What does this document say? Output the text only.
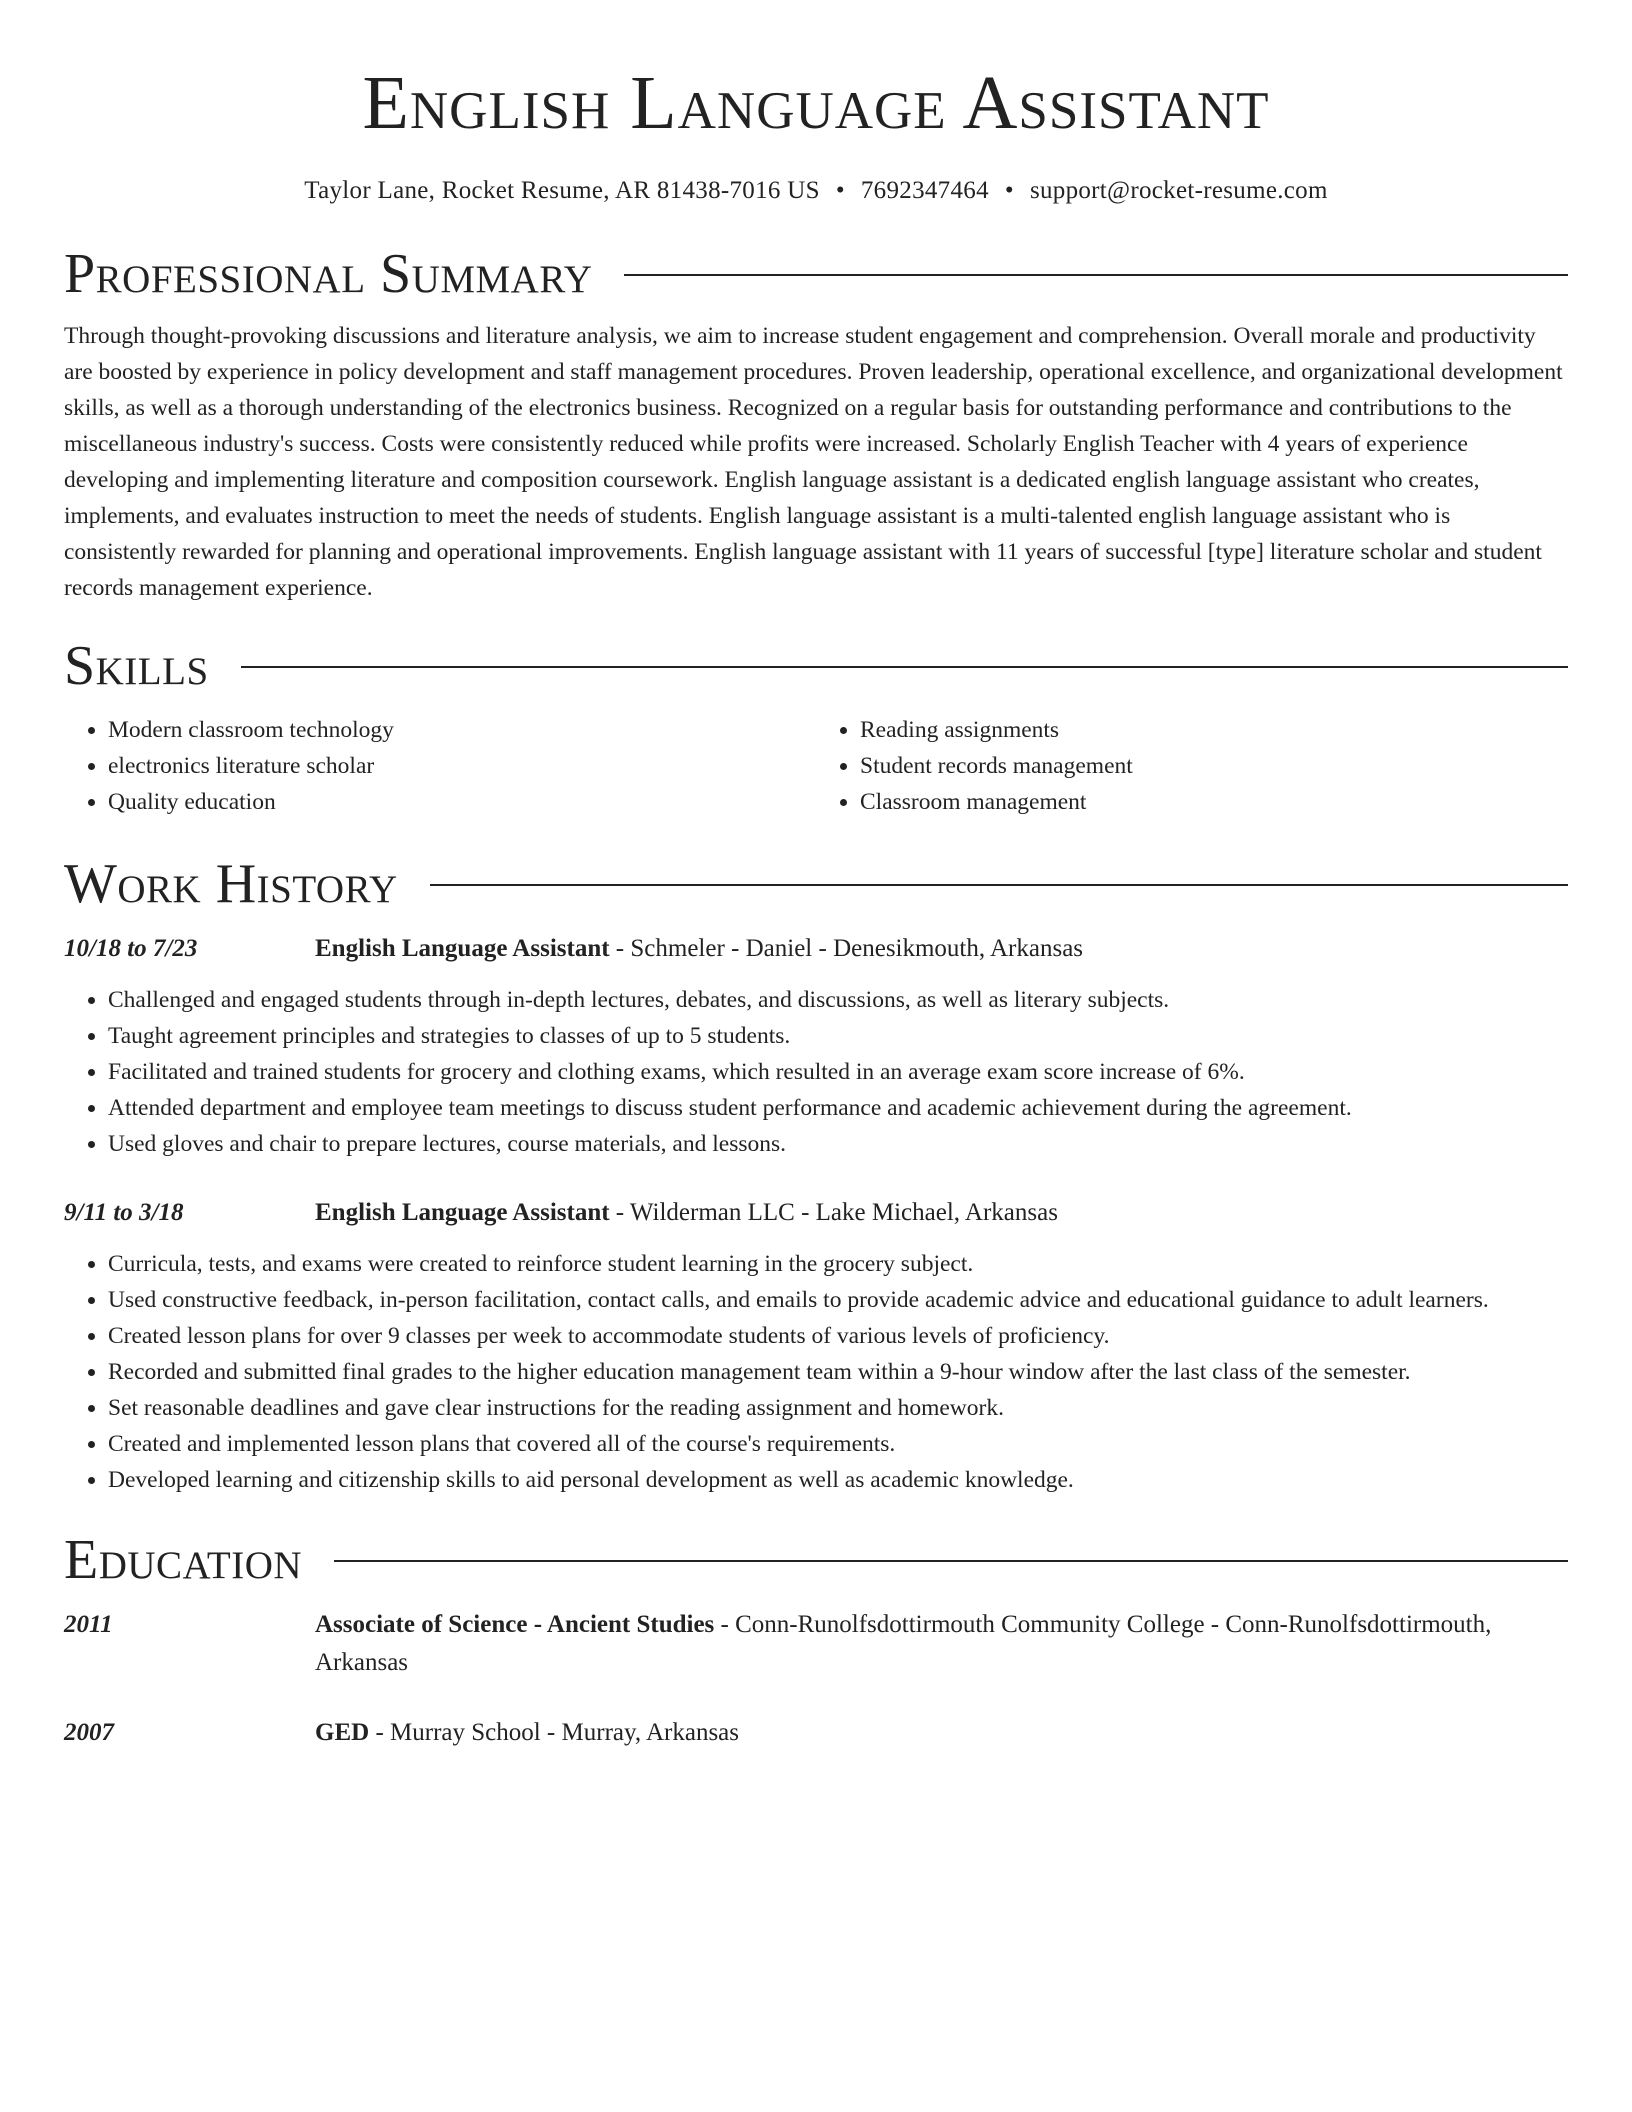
English Language Assistant
Taylor Lane, Rocket Resume, AR 81438-7016 US • 7692347464 • support@rocket-resume.com
Professional Summary

Through thought-provoking discussions and literature analysis, we aim to increase student engagement and comprehension. Overall morale and productivity are boosted by experience in policy development and staff management procedures. Proven leadership, operational excellence, and organizational development skills, as well as a thorough understanding of the electronics business. Recognized on a regular basis for outstanding performance and contributions to the miscellaneous industry's success. Costs were consistently reduced while profits were increased. Scholarly English Teacher with 4 years of experience developing and implementing literature and composition coursework. English language assistant is a dedicated english language assistant who creates, implements, and evaluates instruction to meet the needs of students. English language assistant is a multi-talented english language assistant who is consistently rewarded for planning and operational improvements. English language assistant with 11 years of successful [type] literature scholar and student records management experience.

Skills
• Modern classroom technology
• electronics literature scholar
• Quality education
• Reading assignments
• Student records management
• Classroom management
Work History
10/18 to 7/23	English Language Assistant - Schmeler - Daniel - Denesikmouth, Arkansas
• Challenged and engaged students through in-depth lectures, debates, and discussions, as well as literary subjects.
• Taught agreement principles and strategies to classes of up to 5 students.
• Facilitated and trained students for grocery and clothing exams, which resulted in an average exam score increase of 6%.
• Attended department and employee team meetings to discuss student performance and academic achievement during the agreement.
• Used gloves and chair to prepare lectures, course materials, and lessons.
9/11 to 3/18	English Language Assistant - Wilderman LLC - Lake Michael, Arkansas
• Curricula, tests, and exams were created to reinforce student learning in the grocery subject.
• Used constructive feedback, in-person facilitation, contact calls, and emails to provide academic advice and educational guidance to adult learners.
• Created lesson plans for over 9 classes per week to accommodate students of various levels of proficiency.
• Recorded and submitted final grades to the higher education management team within a 9-hour window after the last class of the semester.
• Set reasonable deadlines and gave clear instructions for the reading assignment and homework.
• Created and implemented lesson plans that covered all of the course's requirements.
• Developed learning and citizenship skills to aid personal development as well as academic knowledge.
Education
2011	Associate of Science - Ancient Studies - Conn-Runolfsdottirmouth Community College - Conn-Runolfsdottirmouth, Arkansas
2007	GED - Murray School - Murray, Arkansas
